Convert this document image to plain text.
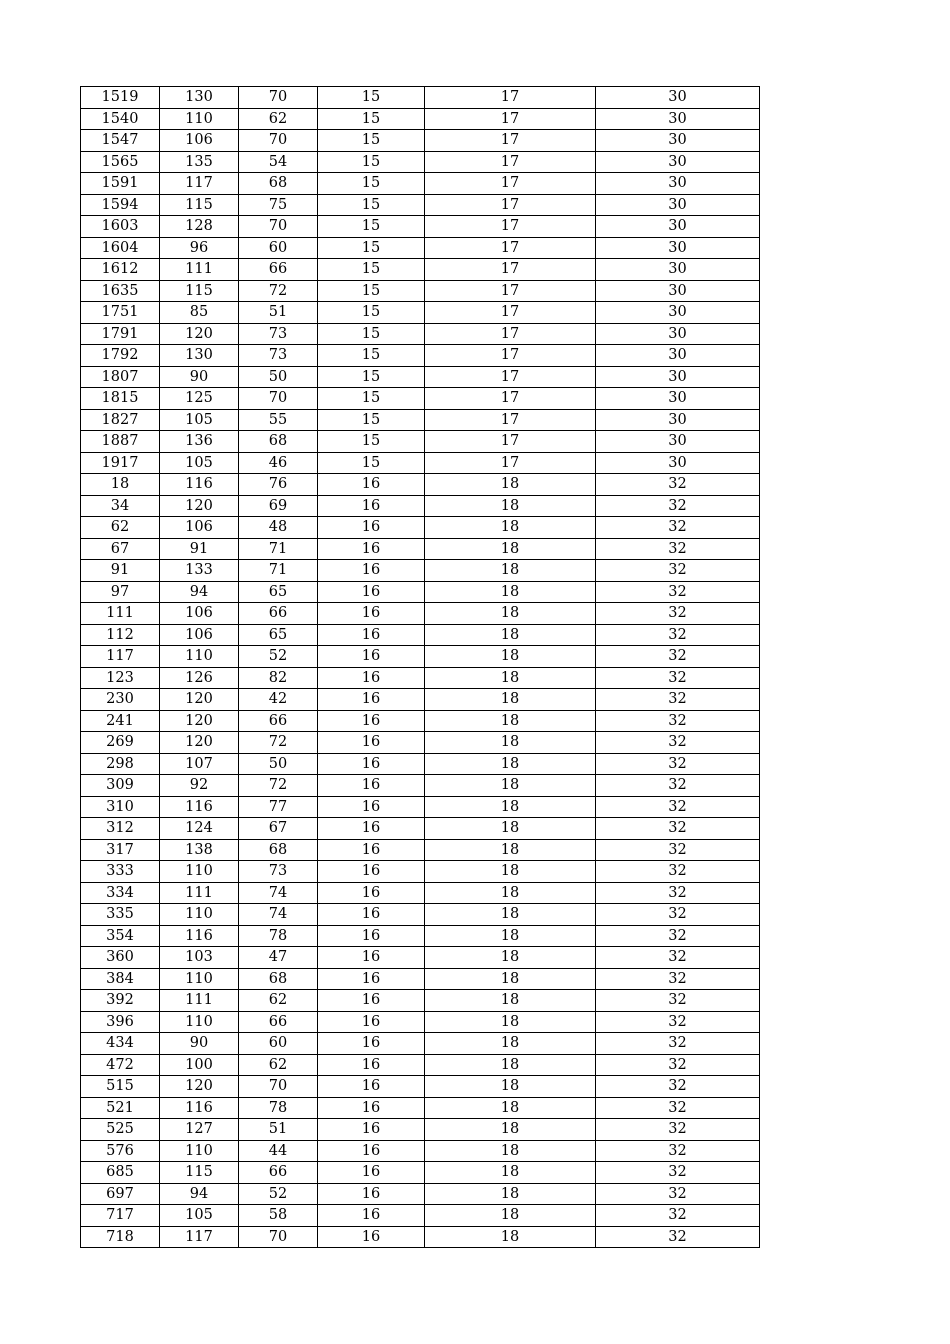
1519	130	70	15	17	30
1540	110	62	15	17	30
1547	106	70	15	17	30
1565	135	54	15	17	30
1591	117	68	15	17	30
1594	115	75	15	17	30
1603	128	70	15	17	30
1604	96	60	15	17	30
1612	111	66	15	17	30
1635	115	72	15	17	30
1751	85	51	15	17	30
1791	120	73	15	17	30
1792	130	73	15	17	30
1807	90	50	15	17	30
1815	125	70	15	17	30
1827	105	55	15	17	30
1887	136	68	15	17	30
1917	105	46	15	17	30
18	116	76	16	18	32
34	120	69	16	18	32
62	106	48	16	18	32
67	91	71	16	18	32
91	133	71	16	18	32
97	94	65	16	18	32
111	106	66	16	18	32
112	106	65	16	18	32
117	110	52	16	18	32
123	126	82	16	18	32
230	120	42	16	18	32
241	120	66	16	18	32
269	120	72	16	18	32
298	107	50	16	18	32
309	92	72	16	18	32
310	116	77	16	18	32
312	124	67	16	18	32
317	138	68	16	18	32
333	110	73	16	18	32
334	111	74	16	18	32
335	110	74	16	18	32
354	116	78	16	18	32
360	103	47	16	18	32
384	110	68	16	18	32
392	111	62	16	18	32
396	110	66	16	18	32
434	90	60	16	18	32
472	100	62	16	18	32
515	120	70	16	18	32
521	116	78	16	18	32
525	127	51	16	18	32
576	110	44	16	18	32
685	115	66	16	18	32
697	94	52	16	18	32
717	105	58	16	18	32
718	117	70	16	18	32
